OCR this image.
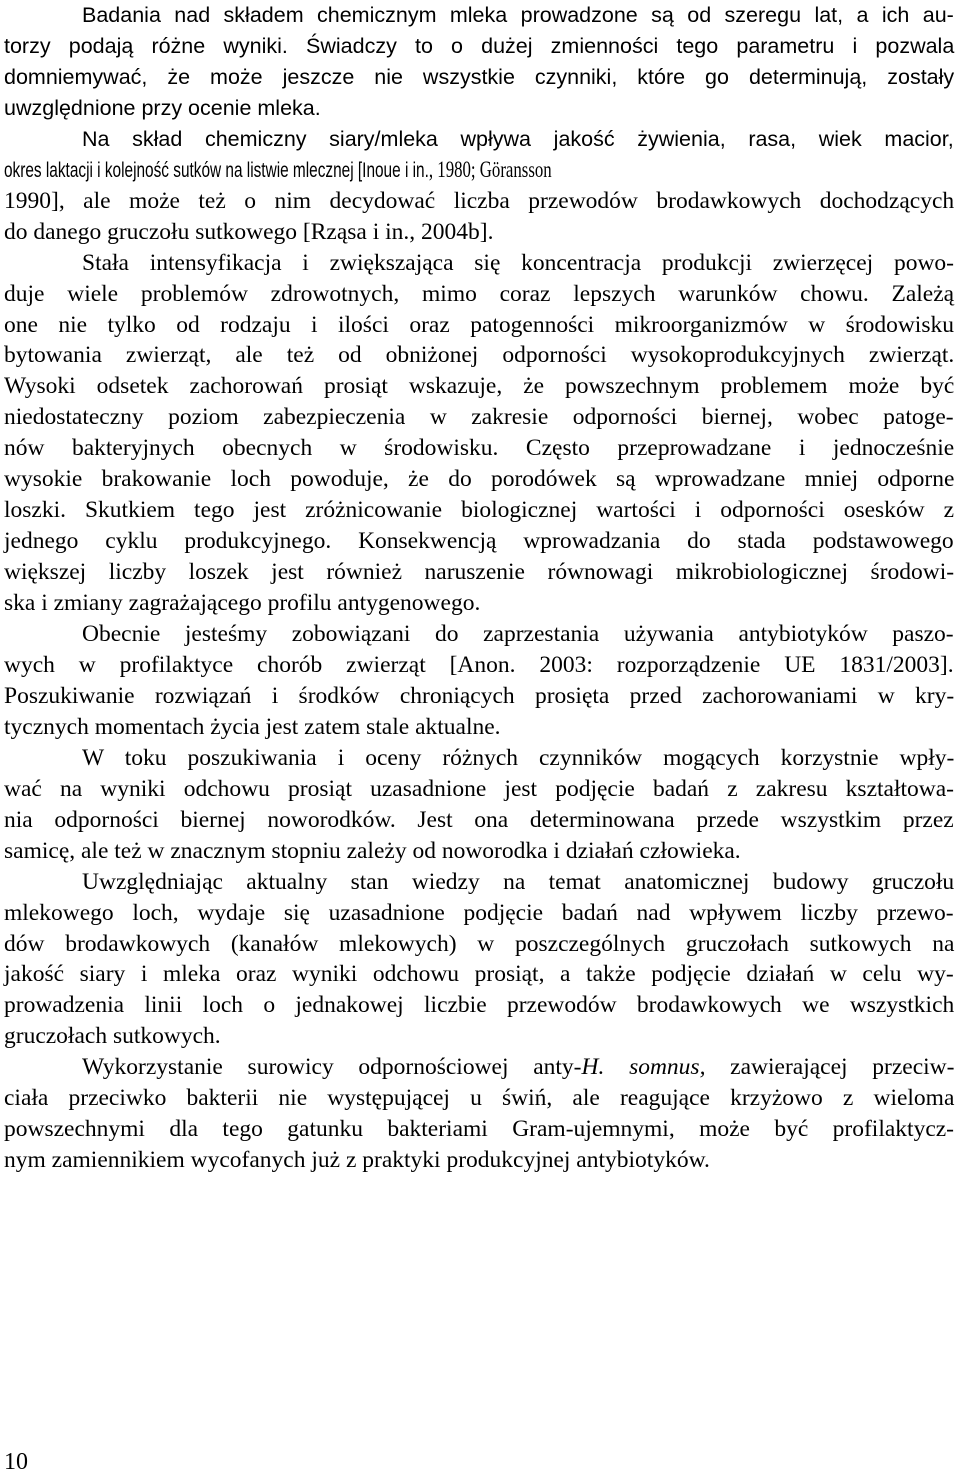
Badania nad składem chemicznym mleka prowadzone są od szeregu lat, a ich au-
torzy podają różne wyniki. Świadczy to o dużej zmienności tego parametru i pozwala
domniemywać, że może jeszcze nie wszystkie czynniki, które go determinują, zostały
uwzględnione przy ocenie mleka.
Na skład chemiczny siary/mleka wpływa jakość żywienia, rasa, wiek macior,
okres laktacji i kolejność sutków na listwie mlecznej [Inoue i in., 1980; Göransson
1990], ale może też o nim decydować liczba przewodów brodawkowych dochodzących
do danego gruczołu sutkowego [Rząsa i in., 2004b].
Stała intensyfikacja i zwiększająca się koncentracja produkcji zwierzęcej powo-
duje wiele problemów zdrowotnych, mimo coraz lepszych warunków chowu. Zależą
one nie tylko od rodzaju i ilości oraz patogenności mikroorganizmów w środowisku
bytowania zwierząt, ale też od obniżonej odporności wysokoprodukcyjnych zwierząt.
Wysoki odsetek zachorowań prosiąt wskazuje, że powszechnym problemem może być
niedostateczny poziom zabezpieczenia w zakresie odporności biernej, wobec patoge-
nów bakteryjnych obecnych w środowisku. Często przeprowadzane i jednocześnie
wysokie brakowanie loch powoduje, że do porodówek są wprowadzane mniej odporne
loszki. Skutkiem tego jest zróżnicowanie biologicznej wartości i odporności osesków z
jednego cyklu produkcyjnego. Konsekwencją wprowadzania do stada podstawowego
większej liczby loszek jest również naruszenie równowagi mikrobiologicznej środowi-
ska i zmiany zagrażającego profilu antygenowego.
Obecnie jesteśmy zobowiązani do zaprzestania używania antybiotyków paszo-
wych w profilaktyce chorób zwierząt [Anon. 2003: rozporządzenie UE 1831/2003].
Poszukiwanie rozwiązań i środków chroniących prosięta przed zachorowaniami w kry-
tycznych momentach życia jest zatem stale aktualne.
W toku poszukiwania i oceny różnych czynników mogących korzystnie wpły-
wać na wyniki odchowu prosiąt uzasadnione jest podjęcie badań z zakresu kształtowa-
nia odporności biernej noworodków. Jest ona determinowana przede wszystkim przez
samicę, ale też w znacznym stopniu zależy od noworodka i działań człowieka.
Uwzględniając aktualny stan wiedzy na temat anatomicznej budowy gruczołu
mlekowego loch, wydaje się uzasadnione podjęcie badań nad wpływem liczby przewo-
dów brodawkowych (kanałów mlekowych) w poszczególnych gruczołach sutkowych na
jakość siary i mleka oraz wyniki odchowu prosiąt, a także podjęcie działań w celu wy-
prowadzenia linii loch o jednakowej liczbie przewodów brodawkowych we wszystkich
gruczołach sutkowych.
Wykorzystanie surowicy odpornościowej anty-H. somnus, zawierającej przeciw-
ciała przeciwko bakterii nie występującej u świń, ale reagujące krzyżowo z wieloma
powszechnymi dla tego gatunku bakteriami Gram-ujemnymi, może być profilaktycz-
nym zamiennikiem wycofanych już z praktyki produkcyjnej antybiotyków.
10
